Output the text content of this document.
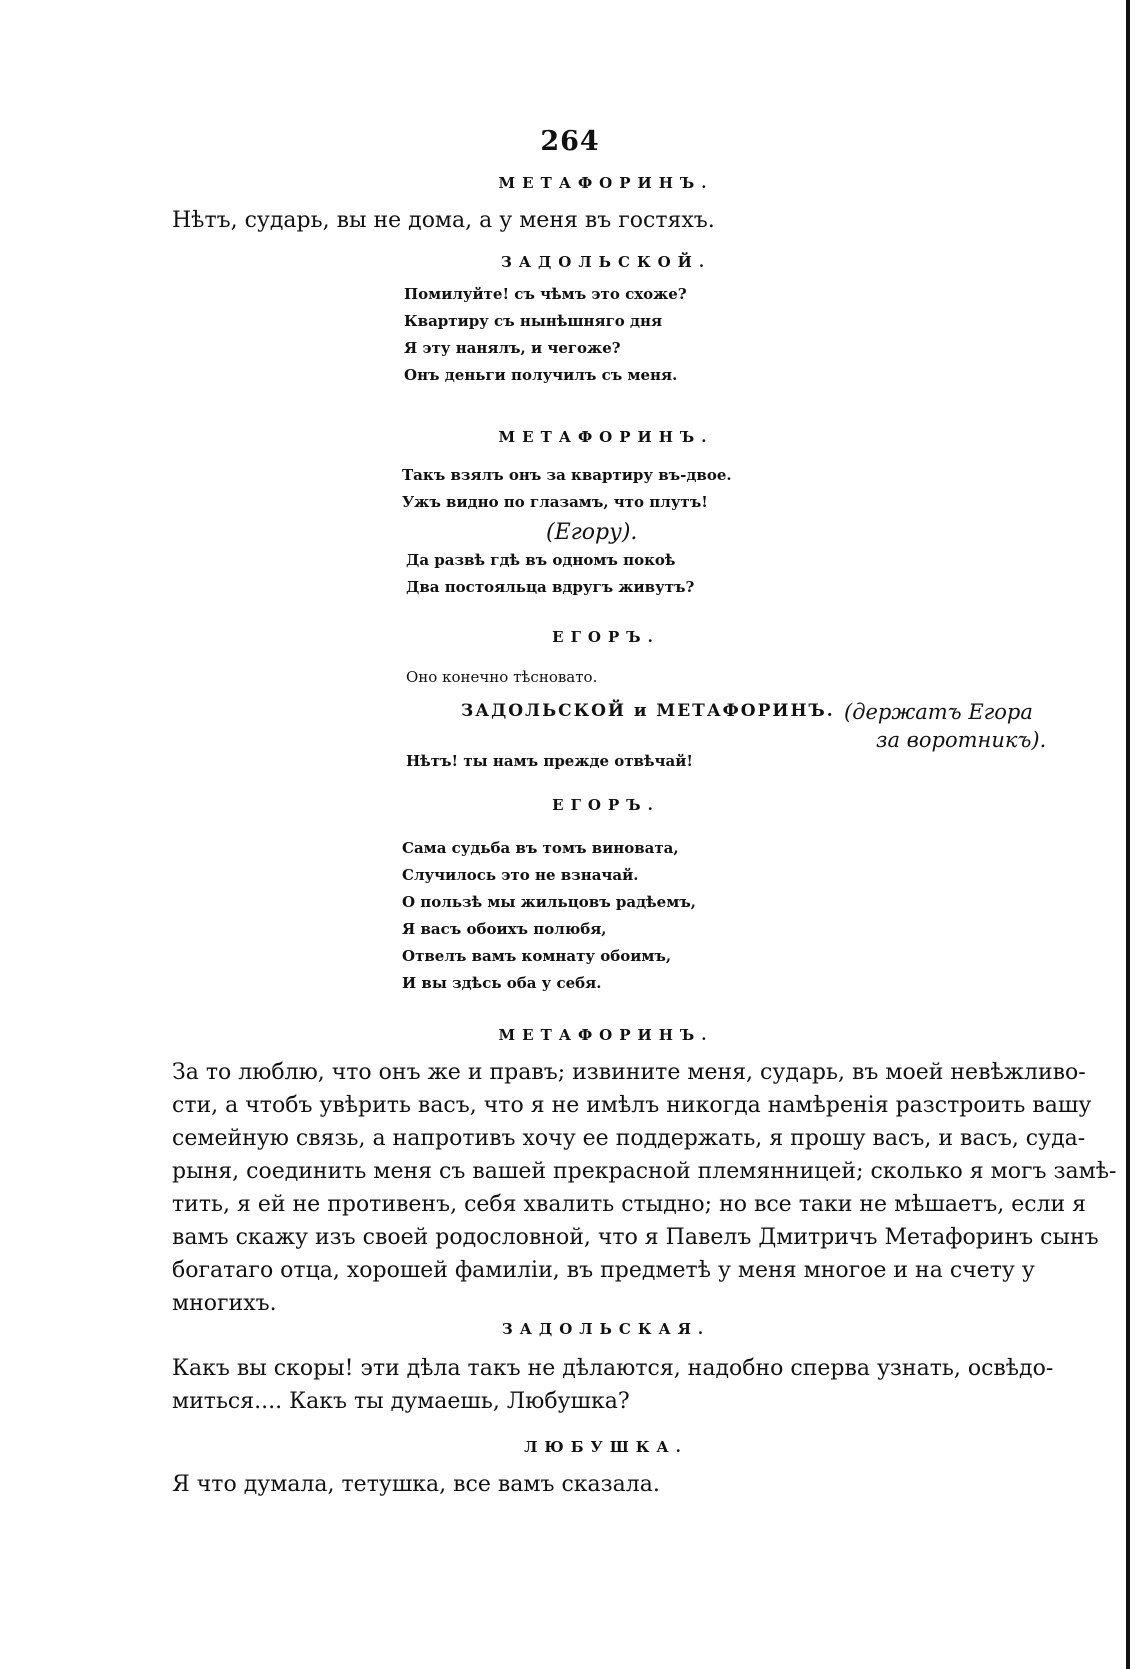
264
МЕТАФОРИНЪ.
Нѣтъ, сударь, вы не дома, а у меня въ гостяхъ.
ЗАДОЛЬСКОЙ.
Помилуйте! съ чѣмъ это схоже?
Квартиру съ нынѣшняго дня
Я эту нанялъ, и чегоже?
Онъ деньги получилъ съ меня.
МЕТАФОРИНЪ.
Такъ взялъ онъ за квартиру въ-двое.
Ужъ видно по глазамъ, что плутъ!
(Егору).
Да развѣ гдѣ въ одномъ покоѣ
Два постояльца вдругъ живутъ?
ЕГОРЪ.
Оно конечно тѣсновато.
ЗАДОЛЬСКОЙ и МЕТАФОРИНЪ. (держатъ Егора
за воротникъ).
Нѣтъ! ты намъ прежде отвѣчай!
ЕГОРЪ.
Сама судьба въ томъ виновата,
Случилось это не взначай.
О пользѣ мы жильцовъ радѣемъ,
Я васъ обоихъ полюбя,
Отвелъ вамъ комнату обоимъ,
И вы здѣсь оба у себя.
МЕТАФОРИНЪ.
За то люблю, что онъ же и правъ; извините меня, сударь, въ моей невѣжливо-
сти, а чтобъ увѣрить васъ, что я не имѣлъ никогда намѣренія разстроить вашу
семейную связь, а напротивъ хочу ее поддержать, я прошу васъ, и васъ, суда-
рыня, соединить меня съ вашей прекрасной племянницей; сколько я могъ замѣ-
тить, я ей не противенъ, себя хвалить стыдно; но все таки не мѣшаетъ, если я
вамъ скажу изъ своей родословной, что я Павелъ Дмитричъ Метафоринъ сынъ
богатаго отца, хорошей фамиліи, въ предметѣ у меня многое и на счету у
многихъ.
ЗАДОЛЬСКАЯ.
Какъ вы скоры! эти дѣла такъ не дѣлаются, надобно сперва узнать, освѣдо-
миться.... Какъ ты думаешь, Любушка?
ЛЮБУШКА.
Я что думала, тетушка, все вамъ сказала.
